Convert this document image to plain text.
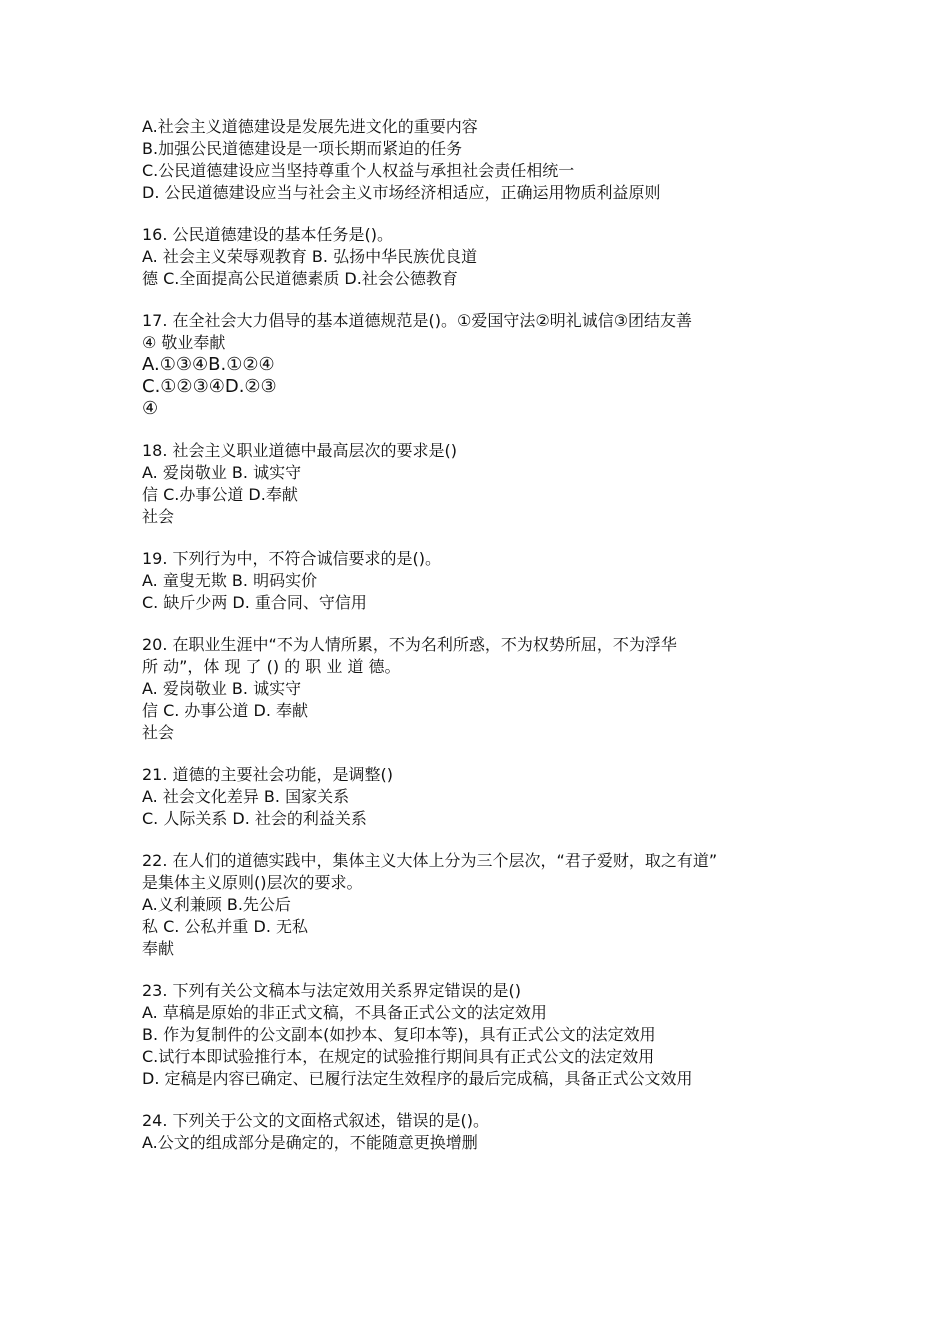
A.社会主义道德建设是发展先进文化的重要内容
B.加强公民道德建设是一项长期而紧迫的任务
C.公民道德建设应当坚持尊重个人权益与承担社会责任相统一
D. 公民道德建设应当与社会主义市场经济相适应，正确运用物质利益原则
16. 公民道德建设的基本任务是()。
A. 社会主义荣辱观教育 B. 弘扬中华民族优良道
德 C.全面提高公民道德素质 D.社会公德教育
17. 在全社会大力倡导的基本道德规范是()。①爱国守法②明礼诚信③团结友善
④ 敬业奉献
A.①③④B.①②④
C.①②③④D.②③
④
18. 社会主义职业道德中最高层次的要求是()
A. 爱岗敬业 B. 诚实守
信 C.办事公道 D.奉献
社会
19. 下列行为中，不符合诚信要求的是()。
A. 童叟无欺 B. 明码实价
C. 缺斤少两 D. 重合同、守信用
20. 在职业生涯中“不为人情所累，不为名利所惑，不为权势所屈，不为浮华
所 动”，体 现 了 () 的 职 业 道 德。
A. 爱岗敬业 B. 诚实守
信 C. 办事公道 D. 奉献
社会
21. 道德的主要社会功能，是调整()
A. 社会文化差异 B. 国家关系
C. 人际关系 D. 社会的利益关系
22. 在人们的道德实践中，集体主义大体上分为三个层次，“君子爱财，取之有道”
是集体主义原则()层次的要求。
A.义利兼顾 B.先公后
私 C. 公私并重 D. 无私
奉献
23. 下列有关公文稿本与法定效用关系界定错误的是()
A. 草稿是原始的非正式文稿，不具备正式公文的法定效用
B. 作为复制件的公文副本(如抄本、复印本等)，具有正式公文的法定效用
C.试行本即试验推行本，在规定的试验推行期间具有正式公文的法定效用
D. 定稿是内容已确定、已履行法定生效程序的最后完成稿，具备正式公文效用
24. 下列关于公文的文面格式叙述，错误的是()。
A.公文的组成部分是确定的，不能随意更换增删
